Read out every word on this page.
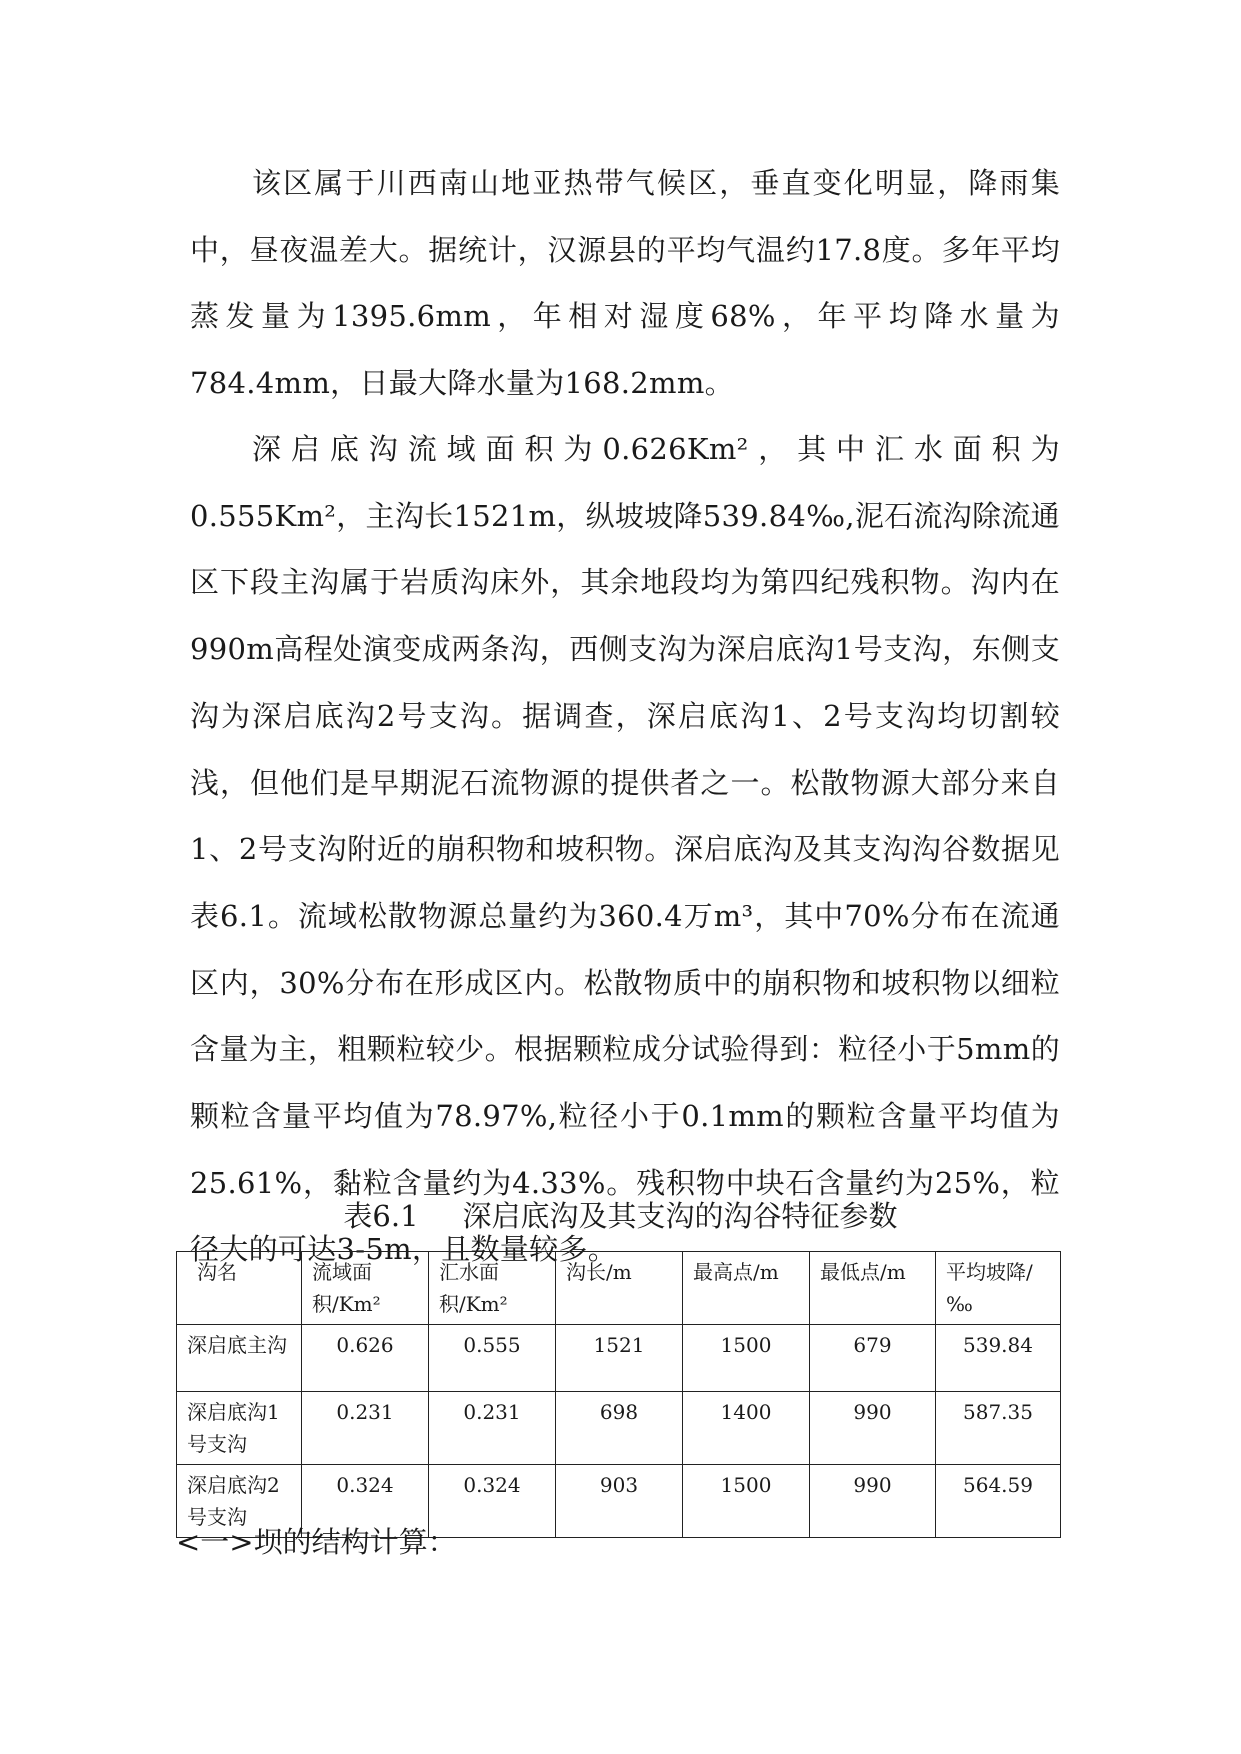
该区属于川西南山地亚热带气候区，垂直变化明显，降雨集中，昼夜温差大。据统计，汉源县的平均气温约17.8度。多年平均蒸发量为1395.6mm，年相对湿度68%，年平均降水量为784.4mm，日最大降水量为168.2mm。

深启底沟流域面积为0.626Km²，其中汇水面积为0.555Km²，主沟长1521m，纵坡坡降539.84‰,泥石流沟除流通区下段主沟属于岩质沟床外，其余地段均为第四纪残积物。沟内在990m高程处演变成两条沟，西侧支沟为深启底沟1号支沟，东侧支沟为深启底沟2号支沟。据调查，深启底沟1、2号支沟均切割较浅，但他们是早期泥石流物源的提供者之一。松散物源大部分来自1、2号支沟附近的崩积物和坡积物。深启底沟及其支沟沟谷数据见表6.1。流域松散物源总量约为360.4万m³，其中70%分布在流通区内，30%分布在形成区内。松散物质中的崩积物和坡积物以细粒含量为主，粗颗粒较少。根据颗粒成分试验得到：粒径小于5mm的颗粒含量平均值为78.97%,粒径小于0.1mm的颗粒含量平均值为25.61%，黏粒含量约为4.33%。残积物中块石含量约为25%，粒径大的可达3-5m，且数量较多。

表6.1 深启底沟及其支沟的沟谷特征参数

沟名	流域面积/Km²	汇水面积/Km²	沟长/m	最高点/m	最低点/m	平均坡降/‰
深启底主沟	0.626	0.555	1521	1500	679	539.84
深启底沟1号支沟	0.231	0.231	698	1400	990	587.35
深启底沟2号支沟	0.324	0.324	903	1500	990	564.59

<一>坝的结构计算：
